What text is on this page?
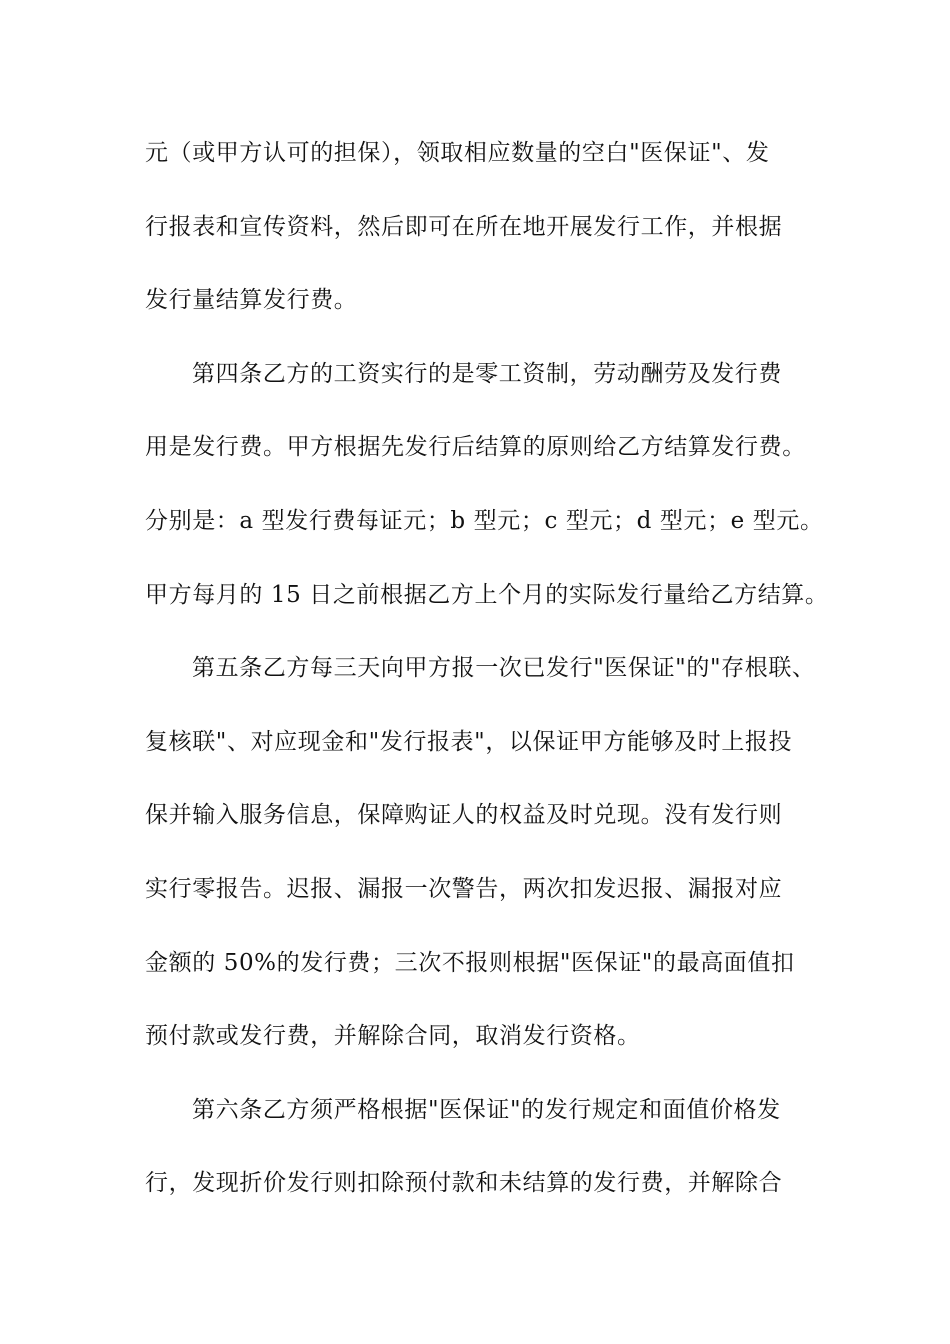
元（或甲方认可的担保），领取相应数量的空白"医保证"、发
行报表和宣传资料，然后即可在所在地开展发行工作，并根据
发行量结算发行费。
第四条乙方的工资实行的是零工资制，劳动酬劳及发行费
用是发行费。甲方根据先发行后结算的原则给乙方结算发行费。
分别是：a 型发行费每证元；b 型元；c 型元；d 型元；e 型元。
甲方每月的 15 日之前根据乙方上个月的实际发行量给乙方结算。
第五条乙方每三天向甲方报一次已发行"医保证"的"存根联、
复核联"、对应现金和"发行报表"，以保证甲方能够及时上报投
保并输入服务信息，保障购证人的权益及时兑现。没有发行则
实行零报告。迟报、漏报一次警告，两次扣发迟报、漏报对应
金额的 50%的发行费；三次不报则根据"医保证"的最高面值扣
预付款或发行费，并解除合同，取消发行资格。
第六条乙方须严格根据"医保证"的发行规定和面值价格发
行，发现折价发行则扣除预付款和未结算的发行费，并解除合
